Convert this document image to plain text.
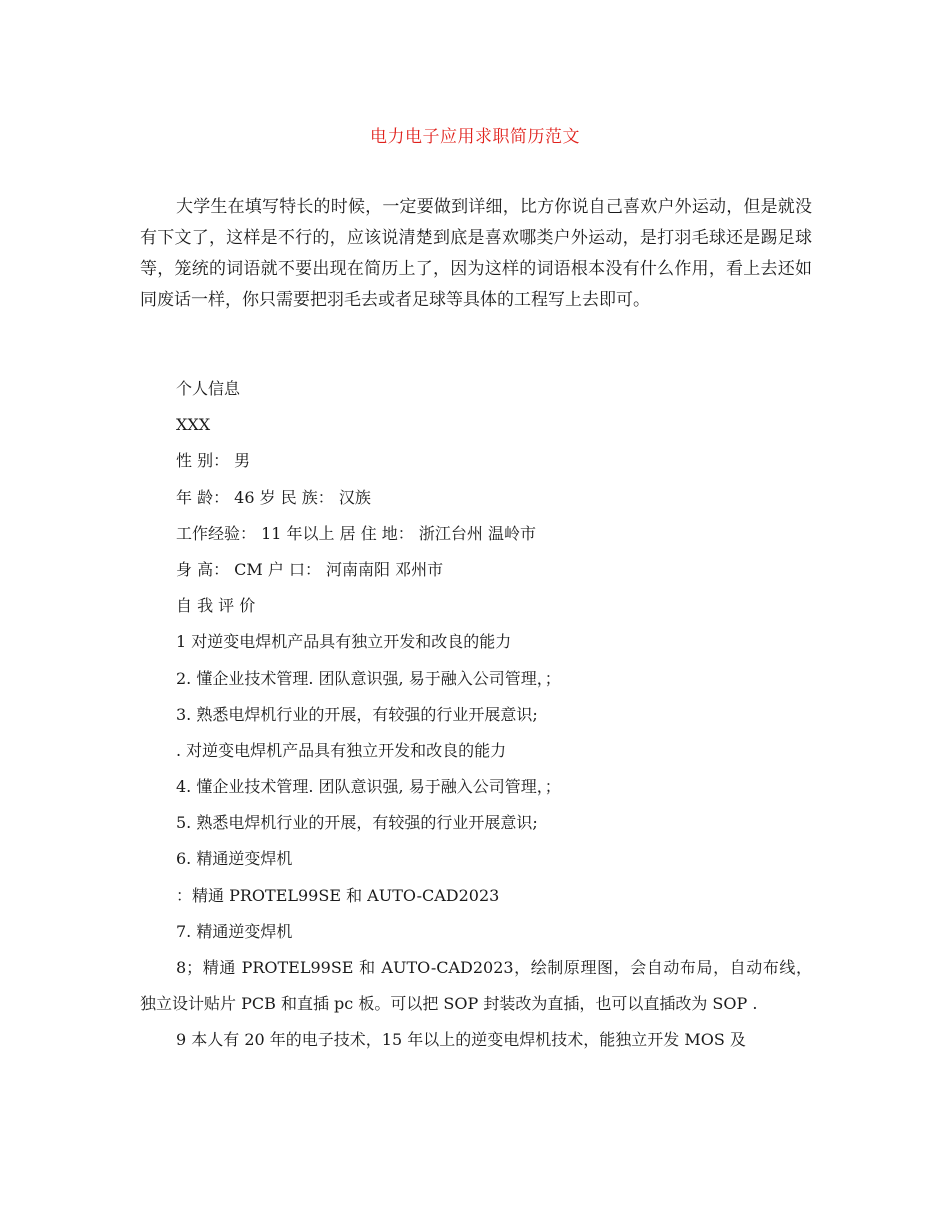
电力电子应用求职简历范文

大学生在填写特长的时候，一定要做到详细，比方你说自己喜欢户外运动，但是就没有下文了，这样是不行的，应该说清楚到底是喜欢哪类户外运动，是打羽毛球还是踢足球等，笼统的词语就不要出现在简历上了，因为这样的词语根本没有什么作用，看上去还如同废话一样，你只需要把羽毛去或者足球等具体的工程写上去即可。

个人信息
XXX
性 别： 男
年 龄： 46 岁 民 族： 汉族
工作经验： 11 年以上 居 住 地： 浙江台州 温岭市
身 高： CM 户 口： 河南南阳 邓州市
自 我 评 价
1 对逆变电焊机产品具有独立开发和改良的能力
2. 懂企业技术管理. 团队意识强, 易于融入公司管理，；
3. 熟悉电焊机行业的开展，有较强的行业开展意识;
. 对逆变电焊机产品具有独立开发和改良的能力
4. 懂企业技术管理. 团队意识强, 易于融入公司管理，；
5. 熟悉电焊机行业的开展，有较强的行业开展意识;
6. 精通逆变焊机
：精通 PROTEL99SE 和 AUTO-CAD2023
7. 精通逆变焊机

8；精通 PROTEL99SE 和 AUTO-CAD2023，绘制原理图，会自动布局，自动布线，独立设计贴片 PCB 和直插 pc 板。可以把 SOP 封装改为直插，也可以直插改为 SOP .

9 本人有 20 年的电子技术，15 年以上的逆变电焊机技术，能独立开发 MOS 及
